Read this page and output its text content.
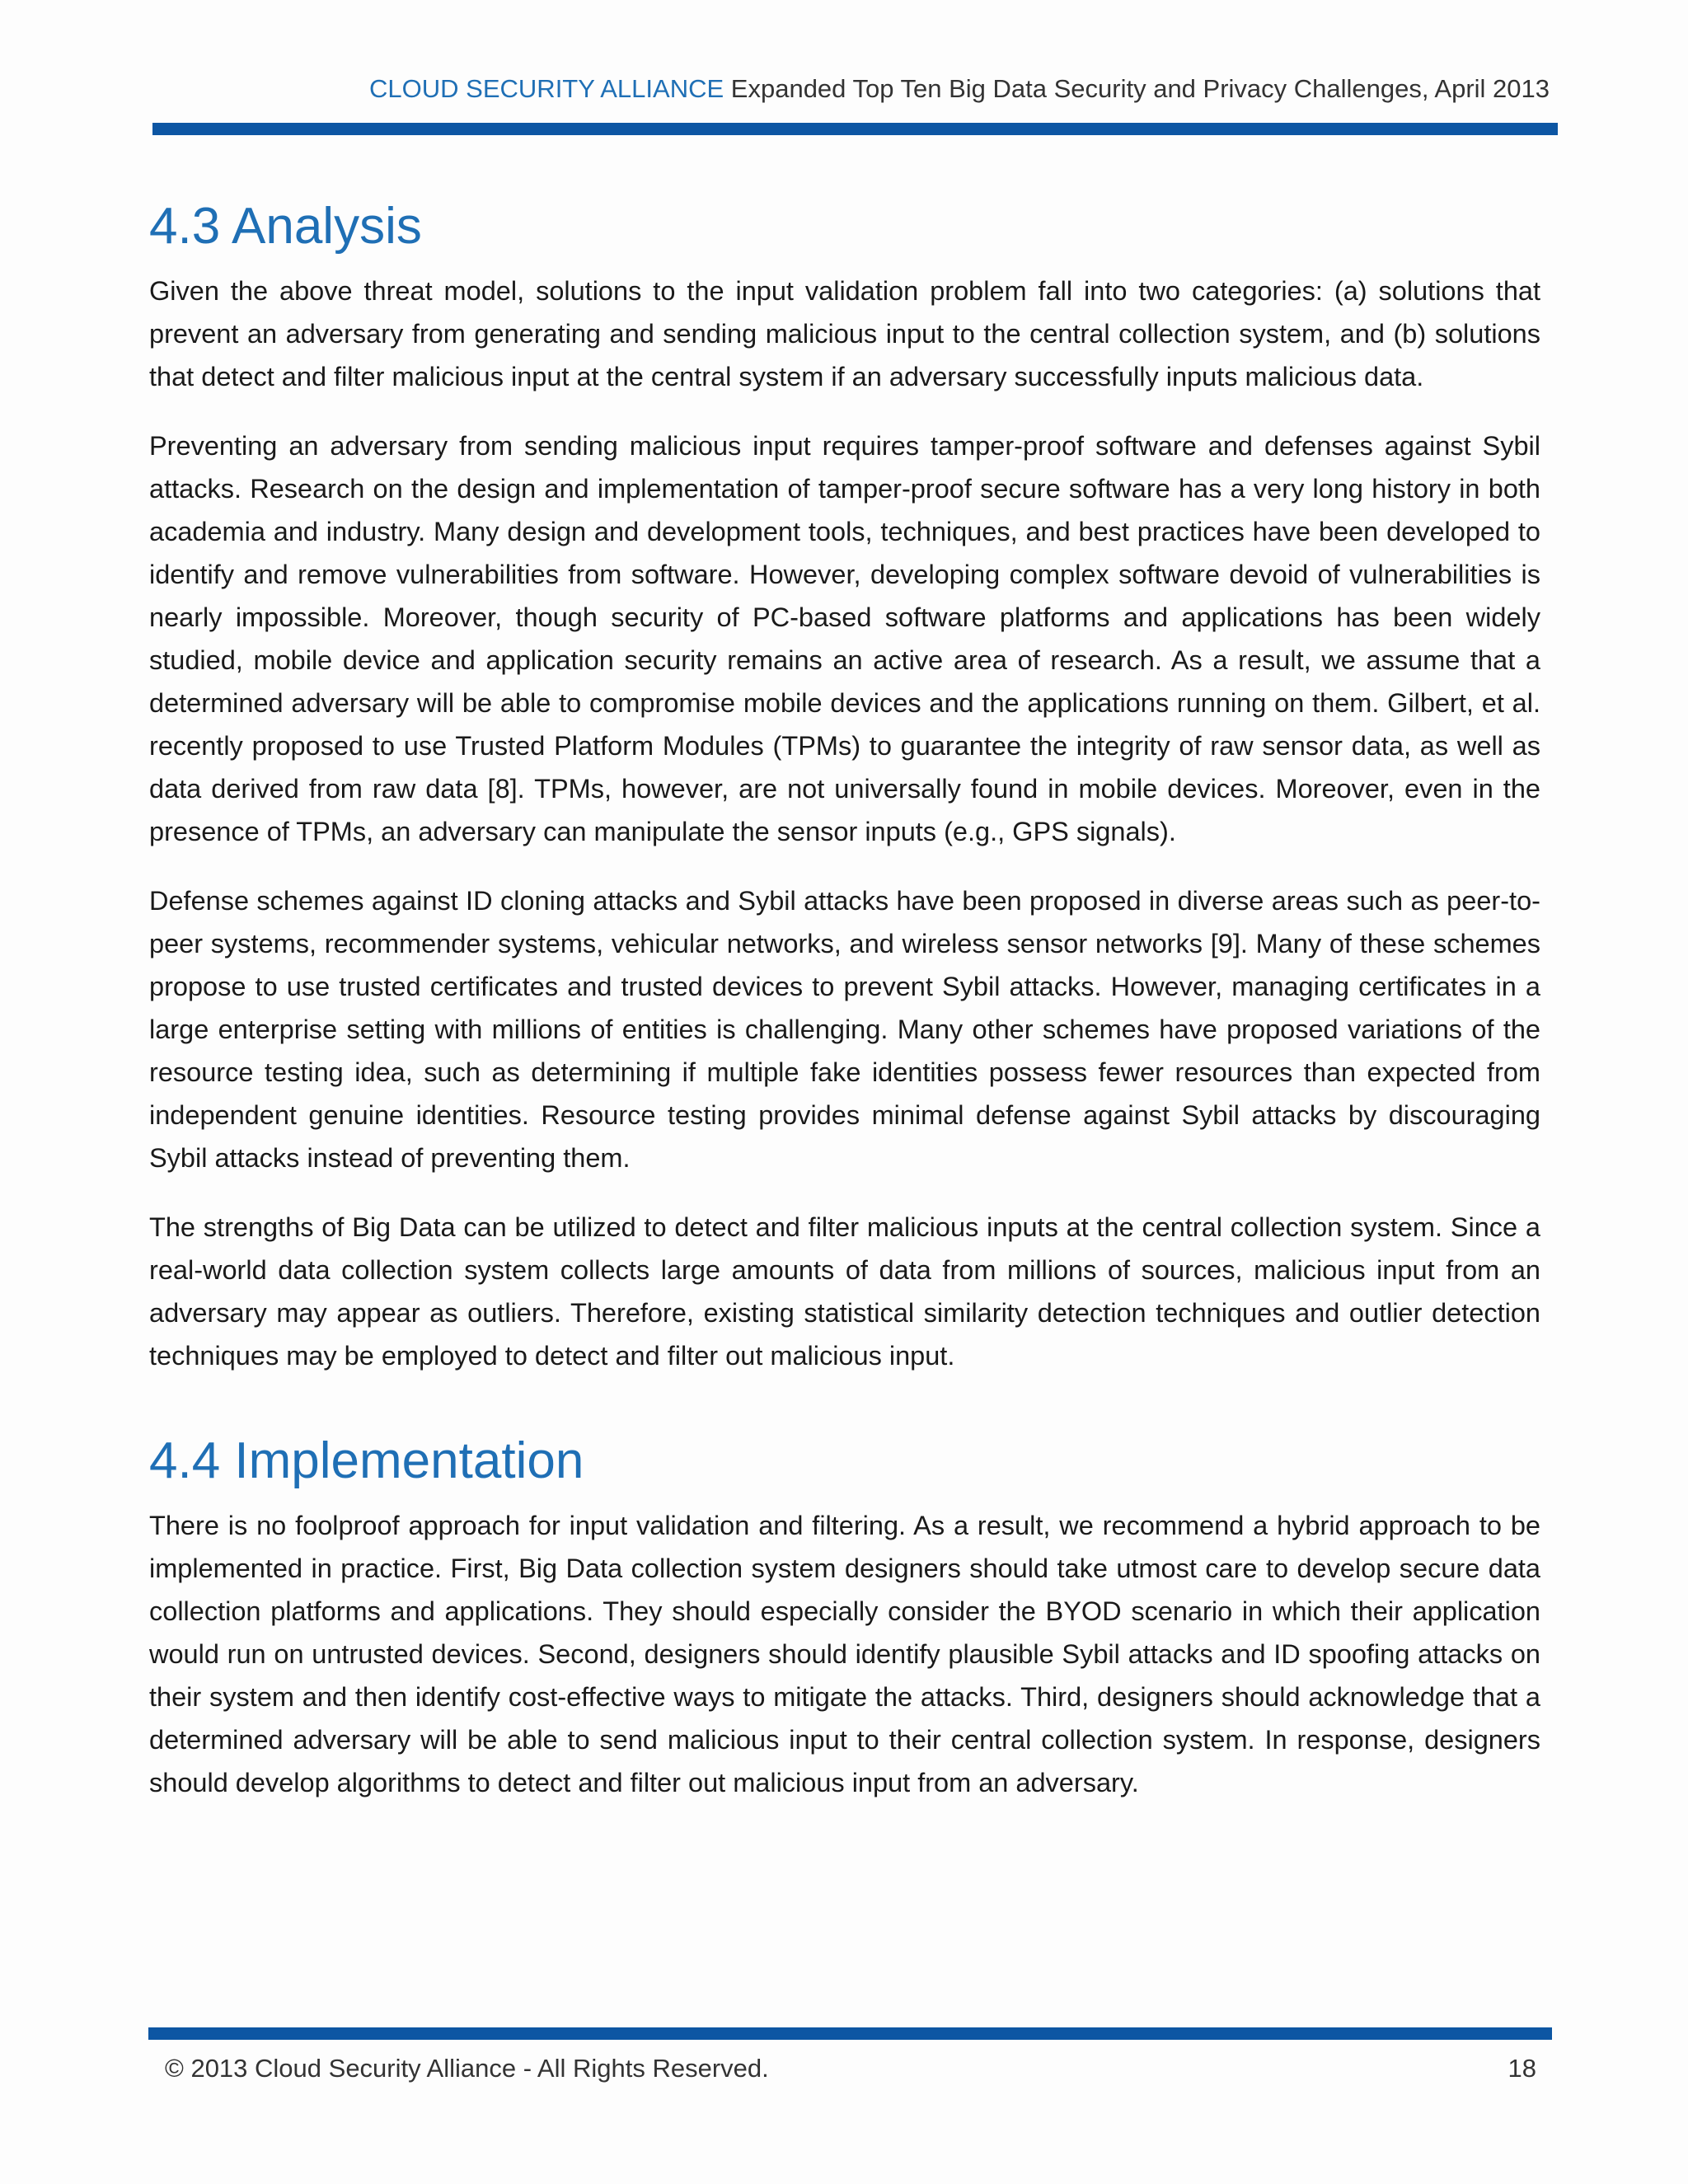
CLOUD SECURITY ALLIANCE Expanded Top Ten Big Data Security and Privacy Challenges, April 2013
4.3 Analysis

Given the above threat model, solutions to the input validation problem fall into two categories: (a) solutions that prevent an adversary from generating and sending malicious input to the central collection system, and (b) solutions that detect and filter malicious input at the central system if an adversary successfully inputs malicious data.

Preventing an adversary from sending malicious input requires tamper-proof software and defenses against Sybil attacks. Research on the design and implementation of tamper-proof secure software has a very long history in both academia and industry. Many design and development tools, techniques, and best practices have been developed to identify and remove vulnerabilities from software. However, developing complex software devoid of vulnerabilities is nearly impossible. Moreover, though security of PC-based software platforms and applications has been widely studied, mobile device and application security remains an active area of research. As a result, we assume that a determined adversary will be able to compromise mobile devices and the applications running on them. Gilbert, et al. recently proposed to use Trusted Platform Modules (TPMs) to guarantee the integrity of raw sensor data, as well as data derived from raw data [8]. TPMs, however, are not universally found in mobile devices. Moreover, even in the presence of TPMs, an adversary can manipulate the sensor inputs (e.g., GPS signals).

Defense schemes against ID cloning attacks and Sybil attacks have been proposed in diverse areas such as peer-to-peer systems, recommender systems, vehicular networks, and wireless sensor networks [9]. Many of these schemes propose to use trusted certificates and trusted devices to prevent Sybil attacks. However, managing certificates in a large enterprise setting with millions of entities is challenging. Many other schemes have proposed variations of the resource testing idea, such as determining if multiple fake identities possess fewer resources than expected from independent genuine identities. Resource testing provides minimal defense against Sybil attacks by discouraging Sybil attacks instead of preventing them.

The strengths of Big Data can be utilized to detect and filter malicious inputs at the central collection system. Since a real-world data collection system collects large amounts of data from millions of sources, malicious input from an adversary may appear as outliers. Therefore, existing statistical similarity detection techniques and outlier detection techniques may be employed to detect and filter out malicious input.

4.4 Implementation

There is no foolproof approach for input validation and filtering. As a result, we recommend a hybrid approach to be implemented in practice. First, Big Data collection system designers should take utmost care to develop secure data collection platforms and applications. They should especially consider the BYOD scenario in which their application would run on untrusted devices. Second, designers should identify plausible Sybil attacks and ID spoofing attacks on their system and then identify cost-effective ways to mitigate the attacks. Third, designers should acknowledge that a determined adversary will be able to send malicious input to their central collection system. In response, designers should develop algorithms to detect and filter out malicious input from an adversary.

© 2013 Cloud Security Alliance - All Rights Reserved.	18
